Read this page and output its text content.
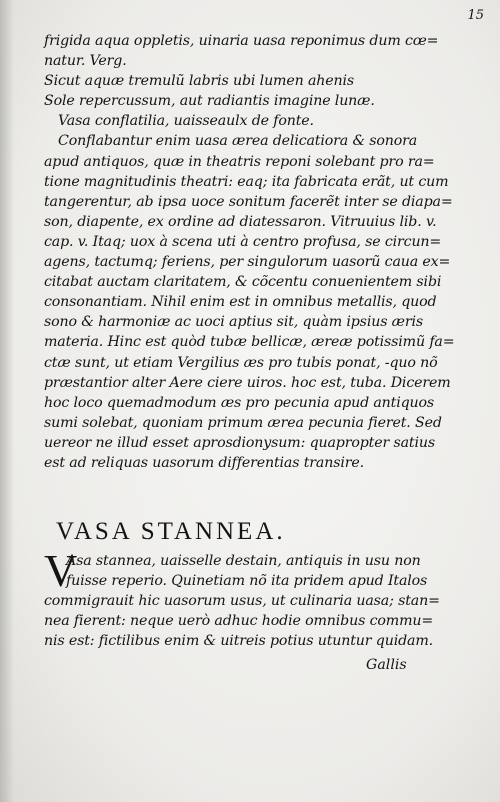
15
frigida aqua oppletis, uinaria uasa reponimus dum cœ=
natur. Verg.
Sicut aquæ tremulũ labris ubi lumen ahenis
Sole repercussum, aut radiantis imagine lunæ.
Vasa conflatilia, uaisseaulx de fonte.
Conflabantur enim uasa ærea delicatiora & sonora
apud antiquos, quæ in theatris reponi solebant pro ra=
tione magnitudinis theatri: eaq; ita fabricata erãt, ut cum
tangerentur, ab ipsa uoce sonitum facerẽt inter se diapa=
son, diapente, ex ordine ad diatessaron. Vitruuius lib. v.
cap. v. Itaq; uox à scena uti à centro profusa, se circun=
agens, tactumq; feriens, per singulorum uasorũ caua ex=
citabat auctam claritatem, & cõcentu conuenientem sibi
consonantiam. Nihil enim est in omnibus metallis, quod
sono & harmoniæ ac uoci aptius sit, quàm ipsius æris
materia. Hinc est quòd tubæ bellicæ, æreæ potissimũ fa=
ctæ sunt, ut etiam Vergilius æs pro tubis ponat, ‑quo nõ
præstantior alter Aere ciere uiros. hoc est, tuba. Dicerem
hoc loco quemadmodum æs pro pecunia apud antiquos
sumi solebat, quoniam primum ærea pecunia fieret. Sed
uereor ne illud esset aprosdionysum: quapropter satius
est ad reliquas uasorum differentias transire.
VASA STANNEA.
V
Asa stannea, uaisselle destain, antiquis in usu non
fuisse reperio. Quinetiam nõ ita pridem apud Italos
commigrauit hic uasorum usus, ut culinaria uasa; stan=
nea fierent: neque uerò adhuc hodie omnibus commu=
nis est: fictilibus enim & uitreis potius utuntur quidam.
Gallis
